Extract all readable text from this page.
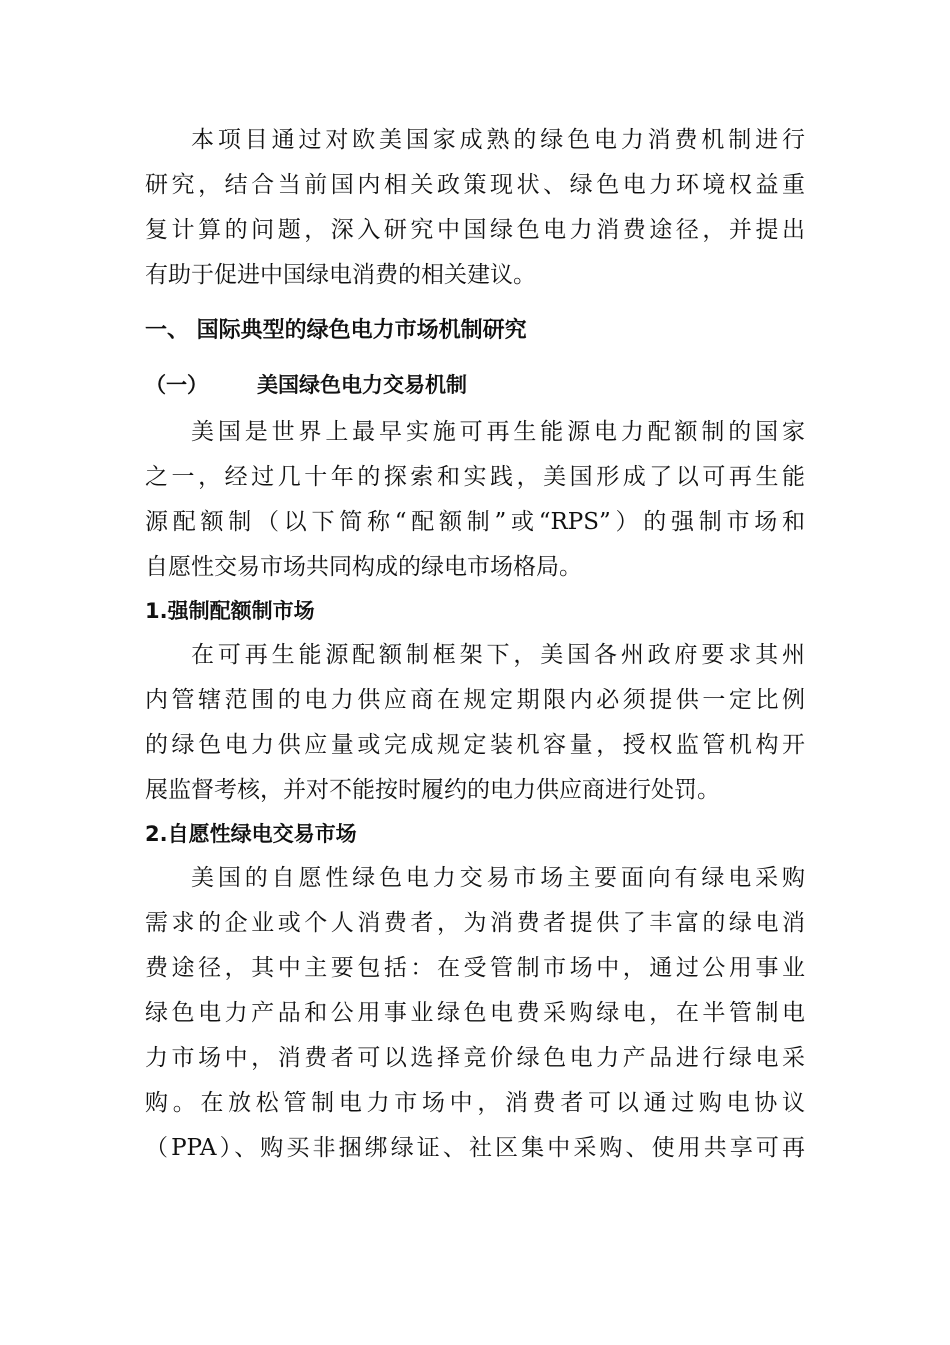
本项目通过对欧美国家成熟的绿色电力消费机制进行
研究，结合当前国内相关政策现状、绿色电力环境权益重
复计算的问题，深入研究中国绿色电力消费途径，并提出
有助于促进中国绿电消费的相关建议。
一、 国际典型的绿色电力市场机制研究
（一） 美国绿色电力交易机制
美国是世界上最早实施可再生能源电力配额制的国家
之一，经过几十年的探索和实践，美国形成了以可再生能
源配额制（以下简称“配额制”或“RPS”）的强制市场和
自愿性交易市场共同构成的绿电市场格局。
1.强制配额制市场
在可再生能源配额制框架下，美国各州政府要求其州
内管辖范围的电力供应商在规定期限内必须提供一定比例
的绿色电力供应量或完成规定装机容量，授权监管机构开
展监督考核，并对不能按时履约的电力供应商进行处罚。
2.自愿性绿电交易市场
美国的自愿性绿色电力交易市场主要面向有绿电采购
需求的企业或个人消费者，为消费者提供了丰富的绿电消
费途径，其中主要包括：在受管制市场中，通过公用事业
绿色电力产品和公用事业绿色电费采购绿电，在半管制电
力市场中，消费者可以选择竞价绿色电力产品进行绿电采
购。在放松管制电力市场中，消费者可以通过购电协议
（PPA）、购买非捆绑绿证、社区集中采购、使用共享可再
